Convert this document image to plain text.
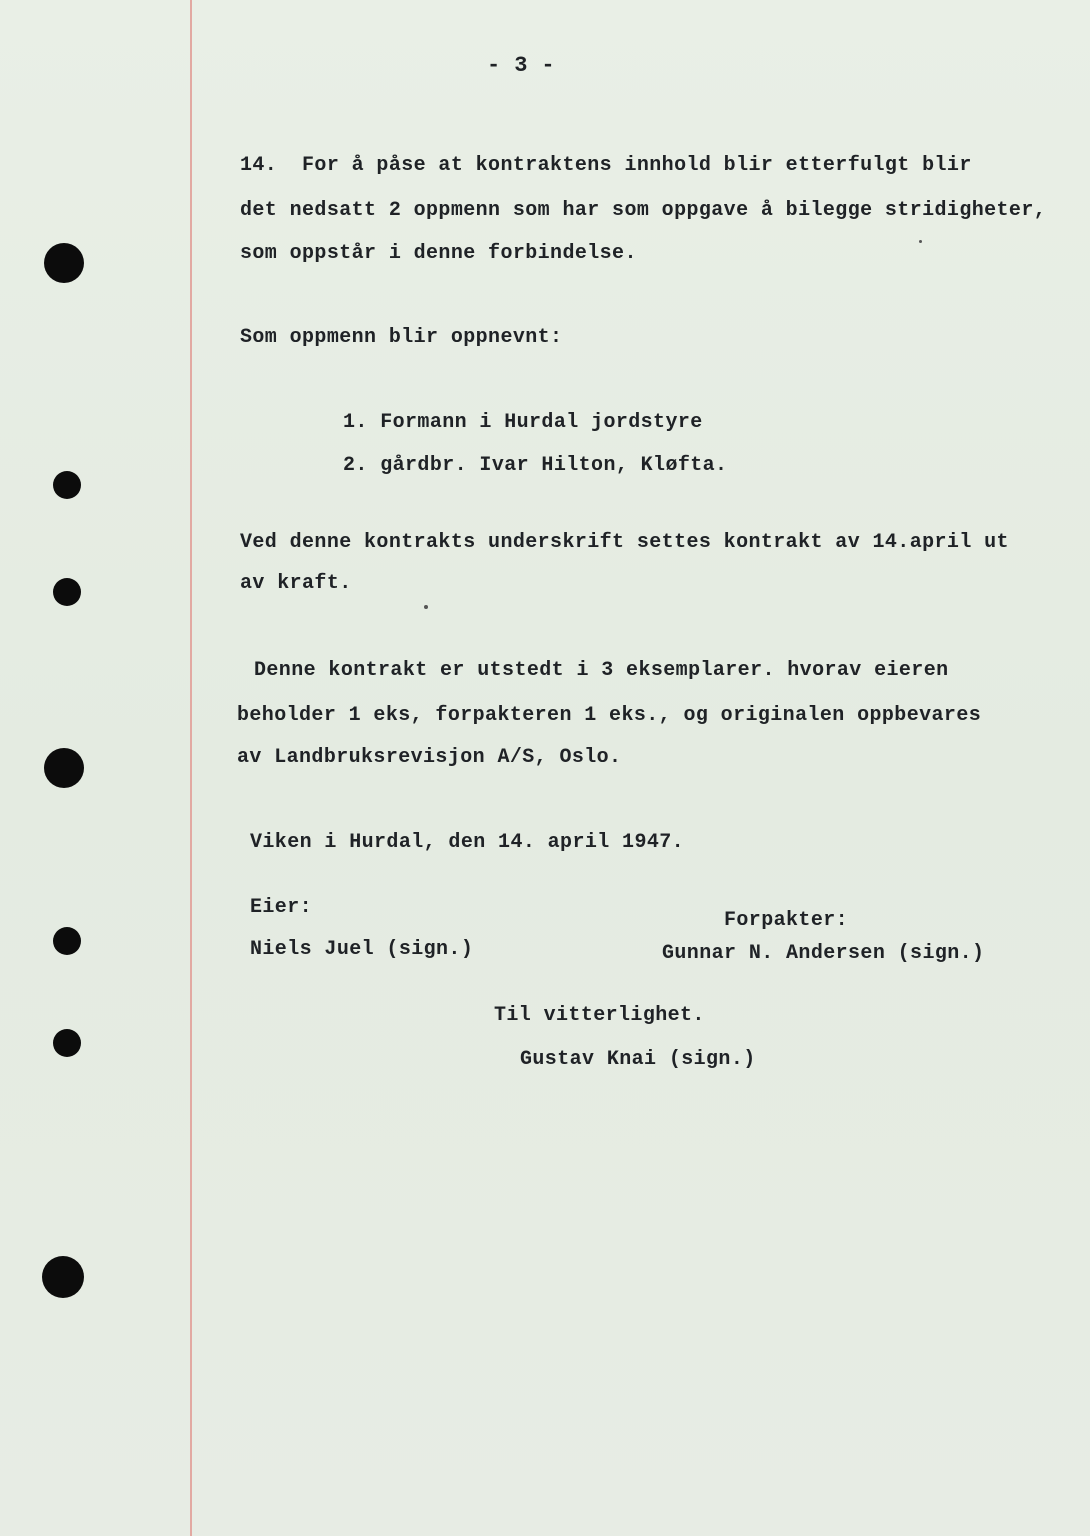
- 3 -
14.  For å påse at kontraktens innhold blir etterfulgt blir
det nedsatt 2 oppmenn som har som oppgave å bilegge stridigheter,
som oppstår i denne forbindelse.
Som oppmenn blir oppnevnt:
1. Formann i Hurdal jordstyre
2. gårdbr. Ivar Hilton, Kløfta.
Ved denne kontrakts underskrift settes kontrakt av 14.april ut
av kraft.
Denne kontrakt er utstedt i 3 eksemplarer. hvorav eieren
beholder 1 eks, forpakteren 1 eks., og originalen oppbevares
av Landbruksrevisjon A/S, Oslo.
Viken i Hurdal, den 14. april 1947.
Eier:
Niels Juel (sign.)
Forpakter:
Gunnar N. Andersen (sign.)
Til vitterlighet.
Gustav Knai (sign.)
